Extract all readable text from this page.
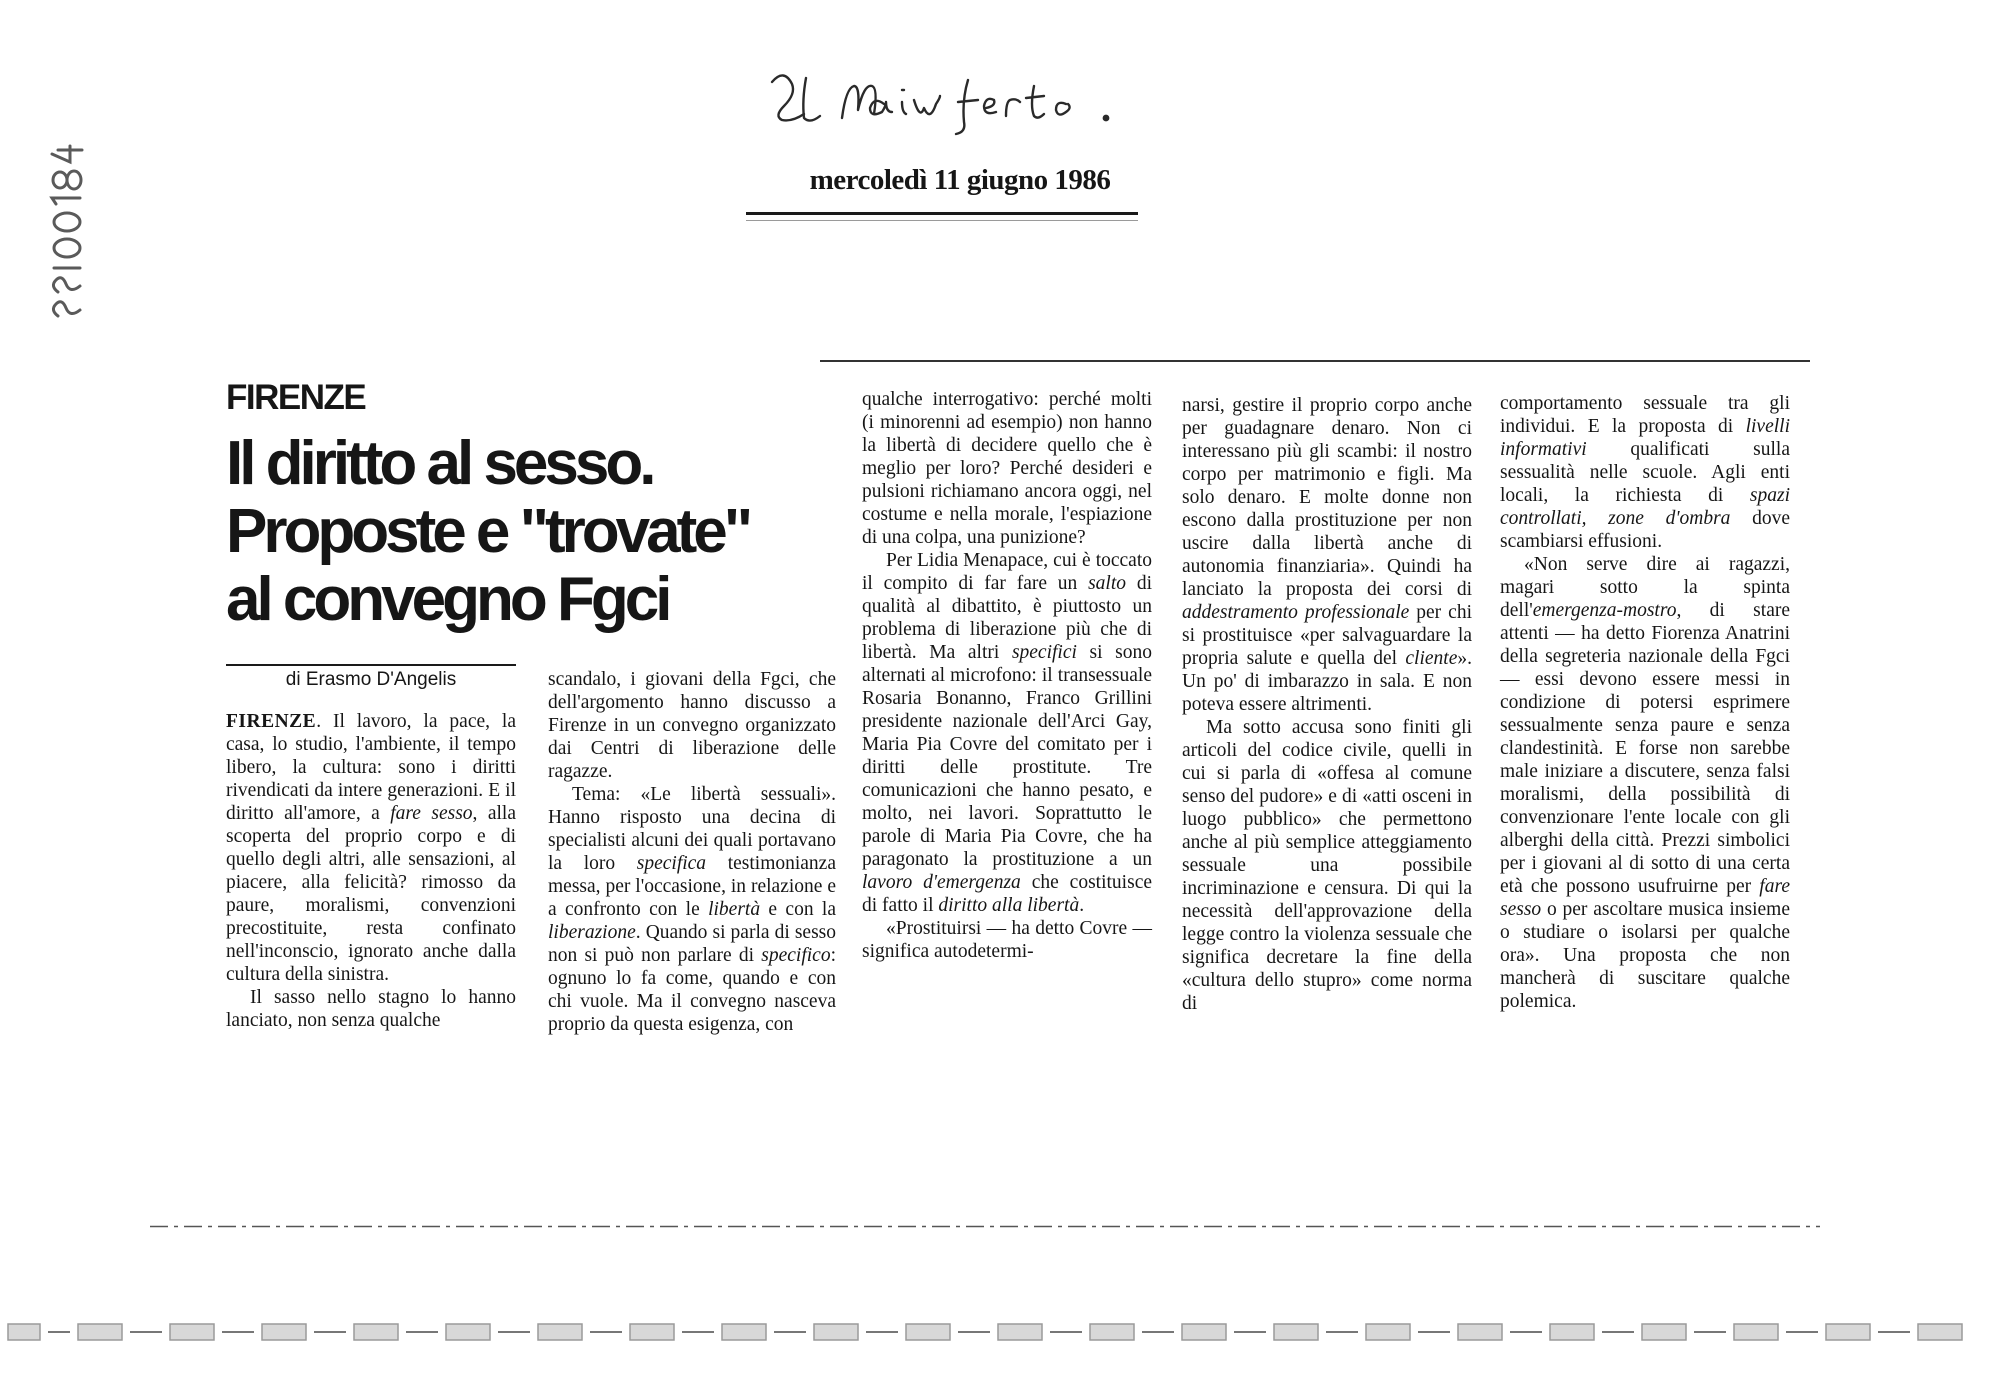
mercoledì 11 giugno 1986
FIRENZE
Il diritto al sesso.
Proposte e "trovate"
al convegno Fgci
di Erasmo D'Angelis

FIRENZE. Il lavoro, la pace, la casa, lo studio, l'ambiente, il tempo libero, la cultura: sono i diritti rivendicati da intere generazioni. E il diritto all'amore, a fare sesso, alla scoperta del proprio corpo e di quello degli altri, alle sensazioni, al piacere, alla felicità? rimosso da paure, moralismi, convenzioni precostituite, resta confinato nell'inconscio, ignorato anche dalla cultura della sinistra.

Il sasso nello stagno lo hanno lanciato, non senza qualche

scandalo, i giovani della Fgci, che dell'argomento hanno discusso a Firenze in un convegno organizzato dai Centri di liberazione delle ragazze.

Tema: «Le libertà sessuali». Hanno risposto una decina di specialisti alcuni dei quali portavano la loro specifica testimonianza messa, per l'occasione, in relazione e a confronto con le libertà e con la liberazione. Quando si parla di sesso non si può non parlare di specifico: ognuno lo fa come, quando e con chi vuole. Ma il convegno nasceva proprio da questa esigenza, con

qualche interrogativo: perché molti (i minorenni ad esempio) non hanno la libertà di decidere quello che è meglio per loro? Perché desideri e pulsioni richiamano ancora oggi, nel costume e nella morale, l'espiazione di una colpa, una punizione?

Per Lidia Menapace, cui è toccato il compito di far fare un salto di qualità al dibattito, è piuttosto un problema di liberazione più che di libertà. Ma altri specifici si sono alternati al microfono: il transessuale Rosaria Bonanno, Franco Grillini presidente nazionale dell'Arci Gay, Maria Pia Covre del comitato per i diritti delle prostitute. Tre comunicazioni che hanno pesato, e molto, nei lavori. Soprattutto le parole di Maria Pia Covre, che ha paragonato la prostituzione a un lavoro d'emergenza che costituisce di fatto il diritto alla libertà.

«Prostituirsi — ha detto Covre — significa autodetermi-

narsi, gestire il proprio corpo anche per guadagnare denaro. Non ci interessano più gli scambi: il nostro corpo per matrimonio e figli. Ma solo denaro. E molte donne non escono dalla prostituzione per non uscire dalla libertà anche di autonomia finanziaria». Quindi ha lanciato la proposta dei corsi di addestramento professionale per chi si prostituisce «per salvaguardare la propria salute e quella del cliente». Un po' di imbarazzo in sala. E non poteva essere altrimenti.

Ma sotto accusa sono finiti gli articoli del codice civile, quelli in cui si parla di «offesa al comune senso del pudore» e di «atti osceni in luogo pubblico» che permettono anche al più semplice atteggiamento sessuale una possibile incriminazione e censura. Di qui la necessità dell'approvazione della legge contro la violenza sessuale che significa decretare la fine della «cultura dello stupro» come norma di

comportamento sessuale tra gli individui. E la proposta di livelli informativi qualificati sulla sessualità nelle scuole. Agli enti locali, la richiesta di spazi controllati, zone d'ombra dove scambiarsi effusioni.

«Non serve dire ai ragazzi, magari sotto la spinta dell'emergenza-mostro, di stare attenti — ha detto Fiorenza Anatrini della segreteria nazionale della Fgci — essi devono essere messi in condizione di potersi esprimere sessualmente senza paure e senza clandestinità. E forse non sarebbe male iniziare a discutere, senza falsi moralismi, della possibilità di convenzionare l'ente locale con gli alberghi della città. Prezzi simbolici per i giovani al di sotto di una certa età che possono usufruirne per fare sesso o per ascoltare musica insieme o studiare o isolarsi per qualche ora». Una proposta che non mancherà di suscitare qualche polemica.
